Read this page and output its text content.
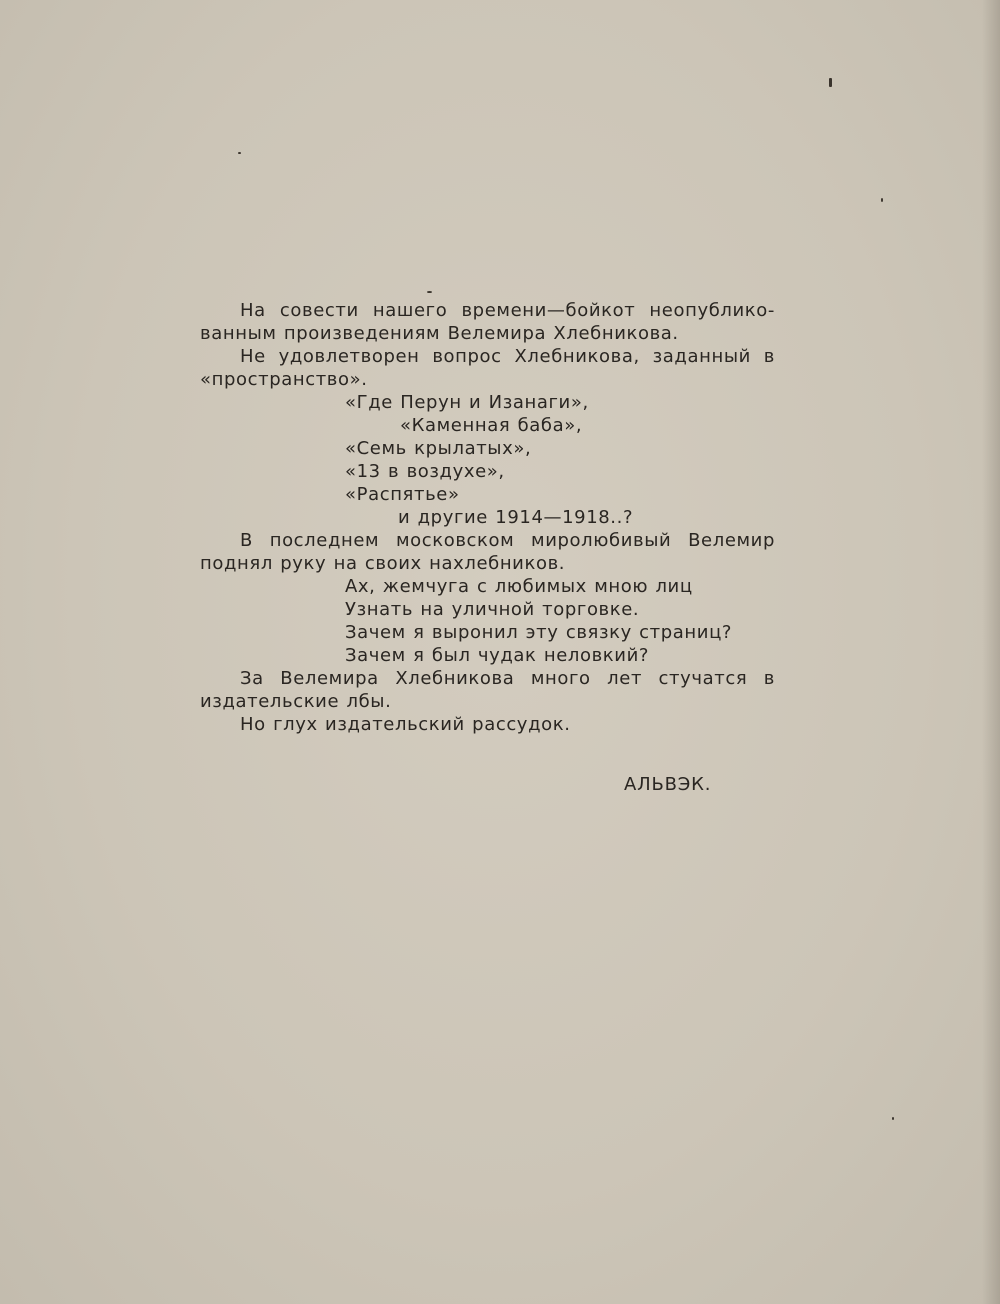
На совести нашего времени—бойкот неопублико-
ванным произведениям Велемира Хлебникова.
Не удовлетворен вопрос Хлебникова, заданный в
«пространство».
«Где Перун и Изанаги»,
«Каменная баба»,
«Семь крылатых»,
«13 в воздухе»,
«Распятье»
и другие 1914—1918..?
В последнем московском миролюбивый Велемир
поднял руку на своих нахлебников.
Ах, жемчуга с любимых мною лиц
Узнать на уличной торговке.
Зачем я выронил эту связку страниц?
Зачем я был чудак неловкий?
За Велемира Хлебникова много лет стучатся в
издательские лбы.
Но глух издательский рассудок.
АЛЬВЭК.
